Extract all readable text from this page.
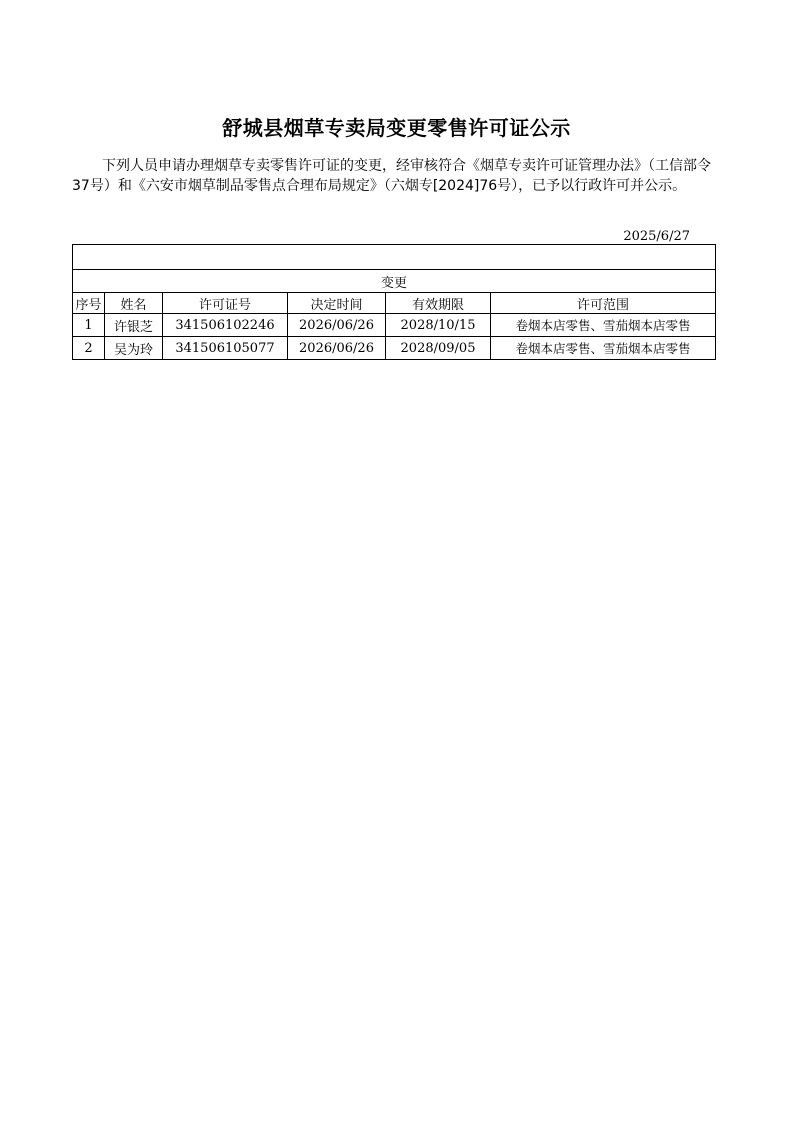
舒城县烟草专卖局变更零售许可证公示
下列人员申请办理烟草专卖零售许可证的变更，经审核符合《烟草专卖许可证管理办法》（工信部令37号）和《六安市烟草制品零售点合理布局规定》（六烟专[2024]76号），已予以行政许可并公示。
2025/6/27

变更					
序号	姓名	许可证号	决定时间	有效期限	许可范围
1	许银芝	341506102246	2026/06/26	2028/10/15	卷烟本店零售、雪茄烟本店零售
2	吴为玲	341506105077	2026/06/26	2028/09/05	卷烟本店零售、雪茄烟本店零售
